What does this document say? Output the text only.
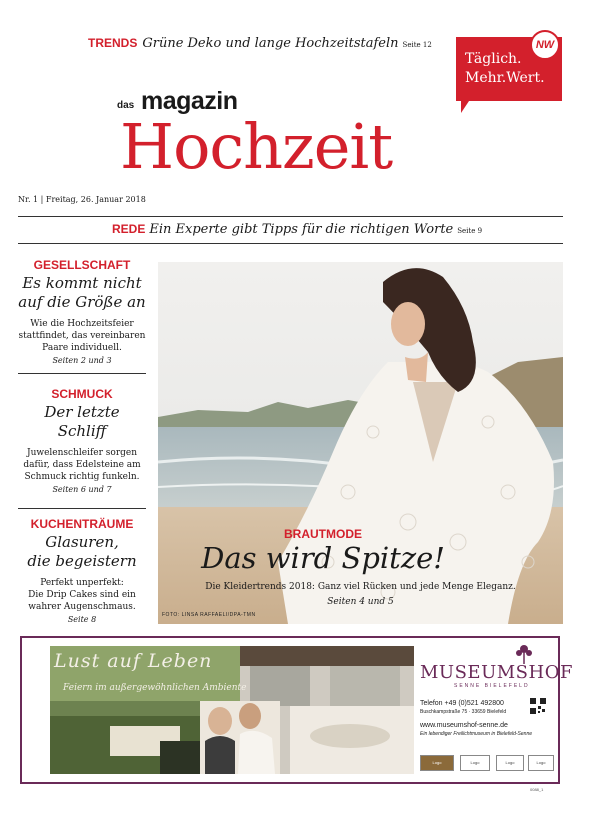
TRENDS Grüne Deko und lange Hochzeitstafeln Seite 12
Täglich.
Mehr.Wert.
NW
das magazin
Hochzeit
Nr. 1 | Freitag, 26. Januar 2018
REDE Ein Experte gibt Tipps für die richtigen Worte Seite 9
GESELLSCHAFT
Es kommt nicht
auf die Größe an
Wie die Hochzeitsfeier
stattfindet, das vereinbaren
Paare individuell.
Seiten 2 und 3
SCHMUCK
Der letzte
Schliff
Juwelenschleifer sorgen
dafür, dass Edelsteine am
Schmuck richtig funkeln.
Seiten 6 und 7
KUCHENTRÄUME
Glasuren,
die begeistern
Perfekt unperfekt:
Die Drip Cakes sind ein
wahrer Augenschmaus.
Seite 8
BRAUTMODE
Das wird Spitze!
Die Kleidertrends 2018: Ganz viel Rücken und jede Menge Eleganz.
Seiten 4 und 5
FOTO: LINSA RAFFAELI/DPA-TMN
Lust auf Leben
Feiern im außergewöhnlichen Ambiente
MUSEUMSHOF
SENNE BIELEFELD
Telefon +49 (0)521 492800
Buschkampstraße 75 · 33659 Bielefeld
www.museumshof-senne.de
Ein lebendiger Freilichtmuseum in Bielefeld-Senne
Logo	Logo	Logo	Logo
0088_1
